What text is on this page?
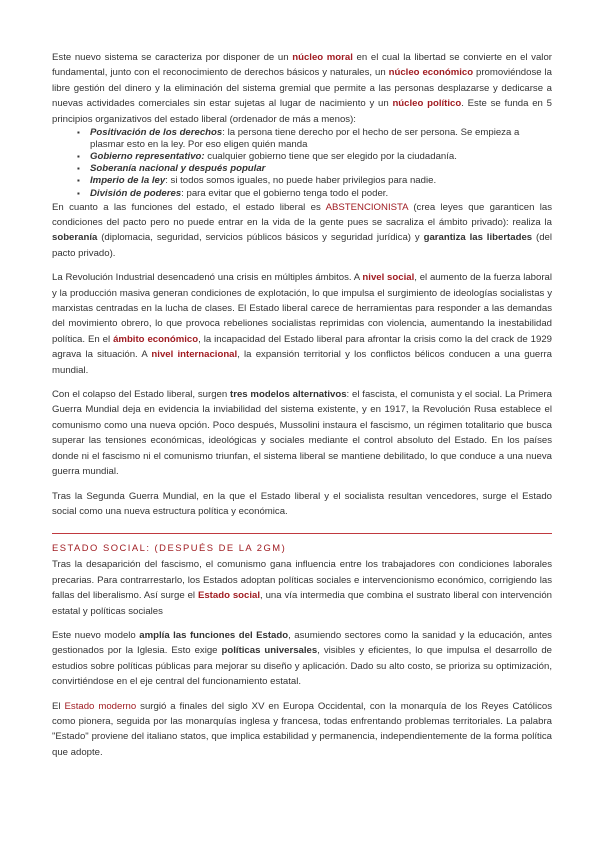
Este nuevo sistema se caracteriza por disponer de un núcleo moral en el cual la libertad se convierte en el valor fundamental, junto con el reconocimiento de derechos básicos y naturales, un núcleo económico promoviéndose la libre gestión del dinero y la eliminación del sistema gremial que permite a las personas desplazarse y dedicarse a nuevas actividades comerciales sin estar sujetas al lugar de nacimiento y un núcleo político. Este se funda en 5 principios organizativos del estado liberal (ordenador de más a menos):

▪ Positivación de los derechos: la persona tiene derecho por el hecho de ser persona. Se empieza a plasmar esto en la ley. Por eso eligen quién manda
▪ Gobierno representativo: cualquier gobierno tiene que ser elegido por la ciudadanía.
▪ Soberanía nacional y después popular
▪ Imperio de la ley: si todos somos iguales, no puede haber privilegios para nadie.
▪ División de poderes: para evitar que el gobierno tenga todo el poder.

En cuanto a las funciones del estado, el estado liberal es ABSTENCIONISTA (crea leyes que garanticen las condiciones del pacto pero no puede entrar en la vida de la gente pues se sacraliza el ámbito privado): realiza la soberanía (diplomacia, seguridad, servicios públicos básicos y seguridad jurídica) y garantiza las libertades (del pacto privado).

La Revolución Industrial desencadenó una crisis en múltiples ámbitos. A nivel social, el aumento de la fuerza laboral y la producción masiva generan condiciones de explotación, lo que impulsa el surgimiento de ideologías socialistas y marxistas centradas en la lucha de clases. El Estado liberal carece de herramientas para responder a las demandas del movimiento obrero, lo que provoca rebeliones socialistas reprimidas con violencia, aumentando la inestabilidad política. En el ámbito económico, la incapacidad del Estado liberal para afrontar la crisis como la del crack de 1929 agrava la situación. A nivel internacional, la expansión territorial y los conflictos bélicos conducen a una guerra mundial.

Con el colapso del Estado liberal, surgen tres modelos alternativos: el fascista, el comunista y el social. La Primera Guerra Mundial deja en evidencia la inviabilidad del sistema existente, y en 1917, la Revolución Rusa establece el comunismo como una nueva opción. Poco después, Mussolini instaura el fascismo, un régimen totalitario que busca superar las tensiones económicas, ideológicas y sociales mediante el control absoluto del Estado. En los países donde ni el fascismo ni el comunismo triunfan, el sistema liberal se mantiene debilitado, lo que conduce a una nueva guerra mundial.

Tras la Segunda Guerra Mundial, en la que el Estado liberal y el socialista resultan vencedores, surge el Estado social como una nueva estructura política y económica.

ESTADO SOCIAL: (DESPUÉS DE LA 2GM)

Tras la desaparición del fascismo, el comunismo gana influencia entre los trabajadores con condiciones laborales precarias. Para contrarrestarlo, los Estados adoptan políticas sociales e intervencionismo económico, corrigiendo las fallas del liberalismo. Así surge el Estado social, una vía intermedia que combina el sustrato liberal con intervención estatal y políticas sociales

Este nuevo modelo amplía las funciones del Estado, asumiendo sectores como la sanidad y la educación, antes gestionados por la Iglesia. Esto exige políticas universales, visibles y eficientes, lo que impulsa el desarrollo de estudios sobre políticas públicas para mejorar su diseño y aplicación. Dado su alto costo, se prioriza su optimización, convirtiéndose en el eje central del funcionamiento estatal.

El Estado moderno surgió a finales del siglo XV en Europa Occidental, con la monarquía de los Reyes Católicos como pionera, seguida por las monarquías inglesa y francesa, todas enfrentando problemas territoriales. La palabra "Estado" proviene del italiano statos, que implica estabilidad y permanencia, independientemente de la forma política que adopte.
